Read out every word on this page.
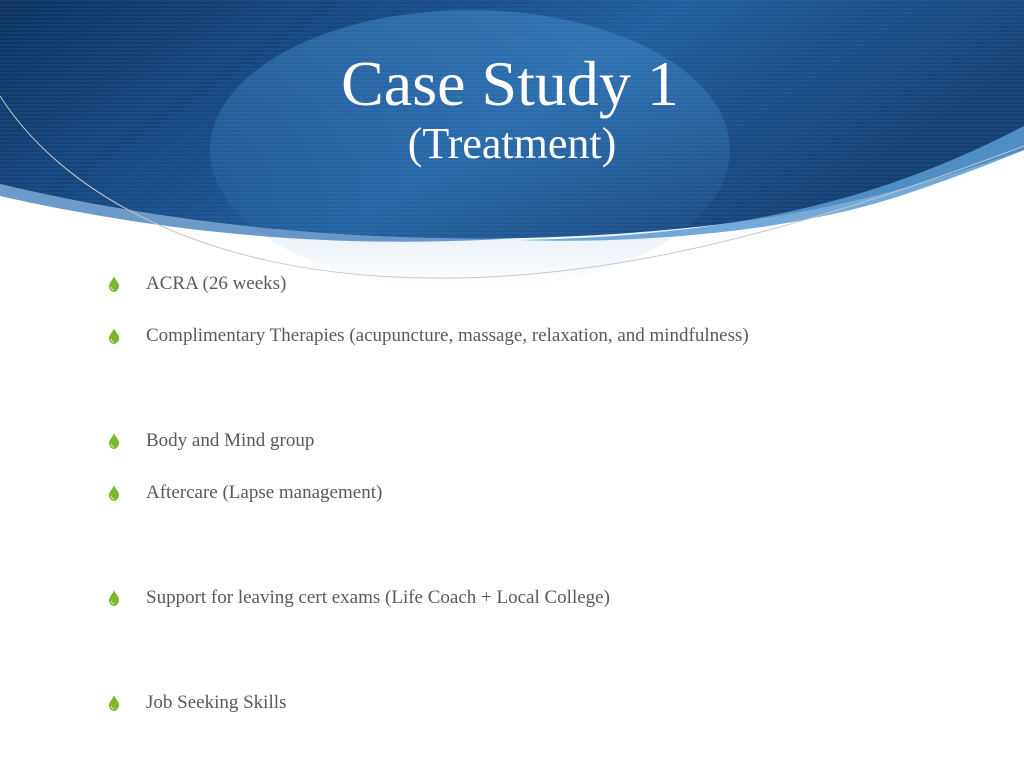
Case Study 1
(Treatment)
ACRA (26 weeks)
Complimentary Therapies (acupuncture, massage, relaxation, and mindfulness)
Body and Mind group
Aftercare (Lapse management)
Support for leaving cert exams (Life Coach + Local College)
Job Seeking Skills
